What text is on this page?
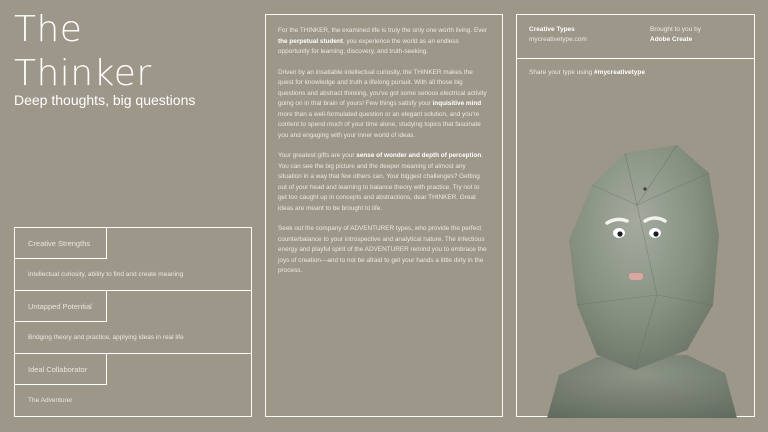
The
Thinker
Deep thoughts, big questions
Creative Strengths
Intellectual curiosity, ability to find and create meaning
Untapped Potential
Bridging theory and practice, applying ideas in real life
Ideal Collaborator
The Adventurer

For the THINKER, the examined life is truly the only one worth living. Ever the perpetual student, you experience the world as an endless opportunity for learning, discovery, and truth-seeking.

Driven by an insatiable intellectual curiosity, the THINKER makes the quest for knowledge and truth a lifelong pursuit. With all those big questions and abstract thinking, you've got some serious electrical activity going on in that brain of yours! Few things satisfy your inquisitive mind more than a well-formulated question or an elegant solution, and you're content to spend much of your time alone, studying topics that fascinate you and engaging with your inner world of ideas.

Your greatest gifts are your sense of wonder and depth of perception. You can see the big picture and the deeper meaning of almost any situation in a way that few others can. Your biggest challenges? Getting out of your head and learning to balance theory with practice. Try not to get too caught up in concepts and abstractions, dear THINKER. Great ideas are meant to be brought to life.

Seek out the company of ADVENTURER types, who provide the perfect counterbalance to your introspective and analytical nature. The infectious energy and playful spirit of the ADVENTURER remind you to embrace the joys of creation—and to not be afraid to get your hands a little dirty in the process.

Creative Types
mycreativetype.com
Brought to you by
Adobe Create
Share your type using #mycreativetype
